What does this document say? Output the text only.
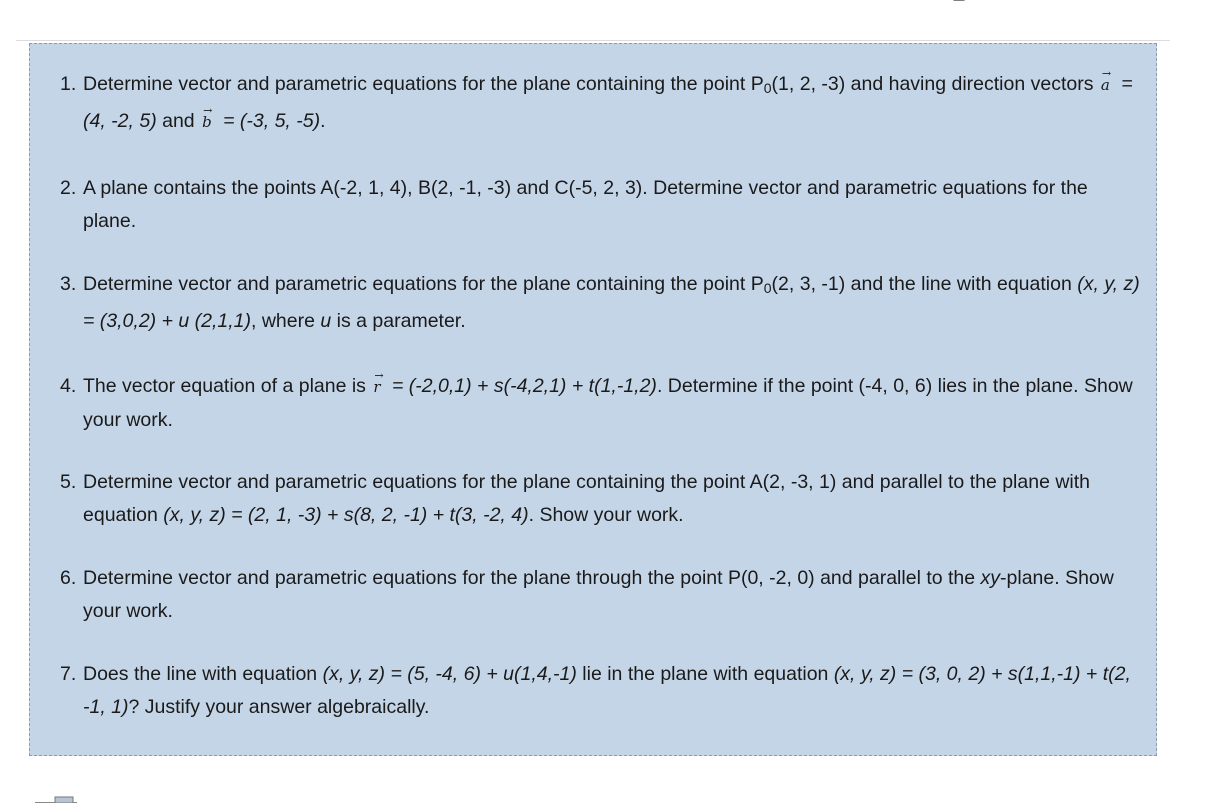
1. Determine vector and parametric equations for the plane containing the point $P_0(1$, 2, -3) and having direction vectors → a = (4, -2, 5) and → b = (-3, 5, -5).
2. A plane contains the points A(-2, 1, 4), B(2, -1, -3) and C(-5, 2, 3). Determine vector and parametric equations for the plane.
3. Determine vector and parametric equations for the plane containing the point $P_0(2$, 3, -1) and the line with equation (x, y, z) = (3,0,2) + u (2,1,1), where u is a parameter.
4. The vector equation of a plane is → r = (-2,0,1) + s(-4,2,1) + t(1,-1,2). Determine if the point (-4, 0, 6) lies in the plane. Show your work.
5. Determine vector and parametric equations for the plane containing the point A(2, -3, 1) and parallel to the plane with equation (x, y, z) = (2, 1, -3) + s(8, 2, -1) + t(3, -2, 4). Show your work.
6. Determine vector and parametric equations for the plane through the point P(0, -2, 0) and parallel to the xy-plane. Show your work.
7. Does the line with equation (x, y, z) = (5, -4, 6) + u(1,4,-1) lie in the plane with equation (x, y, z) = (3, 0, 2) + s(1,1,-1) + t(2, -1, 1)? Justify your answer algebraically.
